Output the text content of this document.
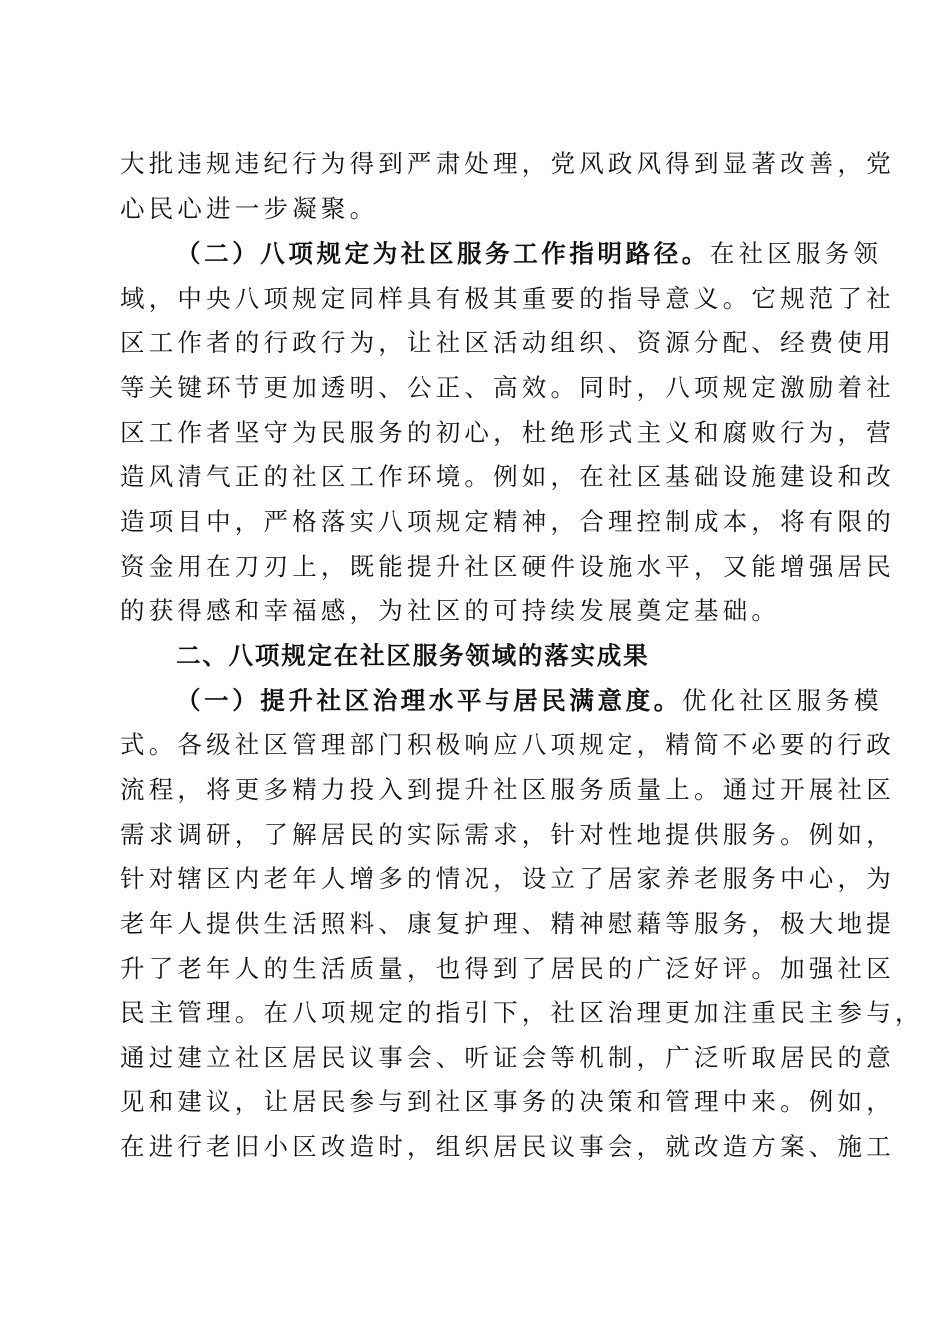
大批违规违纪行为得到严肃处理，党风政风得到显著改善，党
心民心进一步凝聚。
（二）八项规定为社区服务工作指明路径。在社区服务领
域，中央八项规定同样具有极其重要的指导意义。它规范了社
区工作者的行政行为，让社区活动组织、资源分配、经费使用
等关键环节更加透明、公正、高效。同时，八项规定激励着社
区工作者坚守为民服务的初心，杜绝形式主义和腐败行为，营
造风清气正的社区工作环境。例如，在社区基础设施建设和改
造项目中，严格落实八项规定精神，合理控制成本，将有限的
资金用在刀刃上，既能提升社区硬件设施水平，又能增强居民
的获得感和幸福感，为社区的可持续发展奠定基础。
二、八项规定在社区服务领域的落实成果
（一）提升社区治理水平与居民满意度。优化社区服务模
式。各级社区管理部门积极响应八项规定，精简不必要的行政
流程，将更多精力投入到提升社区服务质量上。通过开展社区
需求调研，了解居民的实际需求，针对性地提供服务。例如，
针对辖区内老年人增多的情况，设立了居家养老服务中心，为
老年人提供生活照料、康复护理、精神慰藉等服务，极大地提
升了老年人的生活质量，也得到了居民的广泛好评。加强社区
民主管理。在八项规定的指引下，社区治理更加注重民主参与，
通过建立社区居民议事会、听证会等机制，广泛听取居民的意
见和建议，让居民参与到社区事务的决策和管理中来。例如，
在进行老旧小区改造时，组织居民议事会，就改造方案、施工
